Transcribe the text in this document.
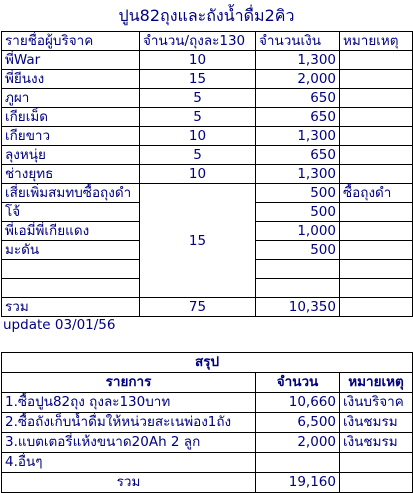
ปูน82ถุงและถังน้ำดื่ม2คิว
รายชื่อผู้บริจาค	จำนวน/ถุงละ130	จำนวนเงิน	หมายเหตุ
พี่War	10	1,300	
พี่ยีนงง	15	2,000	
ภูผา	5	650	
เกียเม็ด	5	650	
เกียขาว	10	1,300	
ลุงหนุ่ย	5	650	
ช่างยุทธ	10	1,300	
เสี่ยเพิ่มสมทบซื้อถุงดำ	15	500	ซื้อถุงดำ
โจ้		500	
พี่เอมี่พี่เกียแดง		1,000	
มะดัน		500	

รวม	75	10,350	
update 03/01/56
สรุป		
รายการ	จำนวน	หมายเหตุ
1.ซื้อปูน82ถุง ถุงละ130บาท	10,660	เงินบริจาค
2.ซื้อถังเก็บน้ำดื่มให้หน่วยสะเนพ่อง1ถัง	6,500	เงินชมรม
3.แบตเตอรี่แห้งขนาด20Ah 2 ลูก	2,000	เงินชมรม
4.อื่นๆ		
รวม	19,160	
